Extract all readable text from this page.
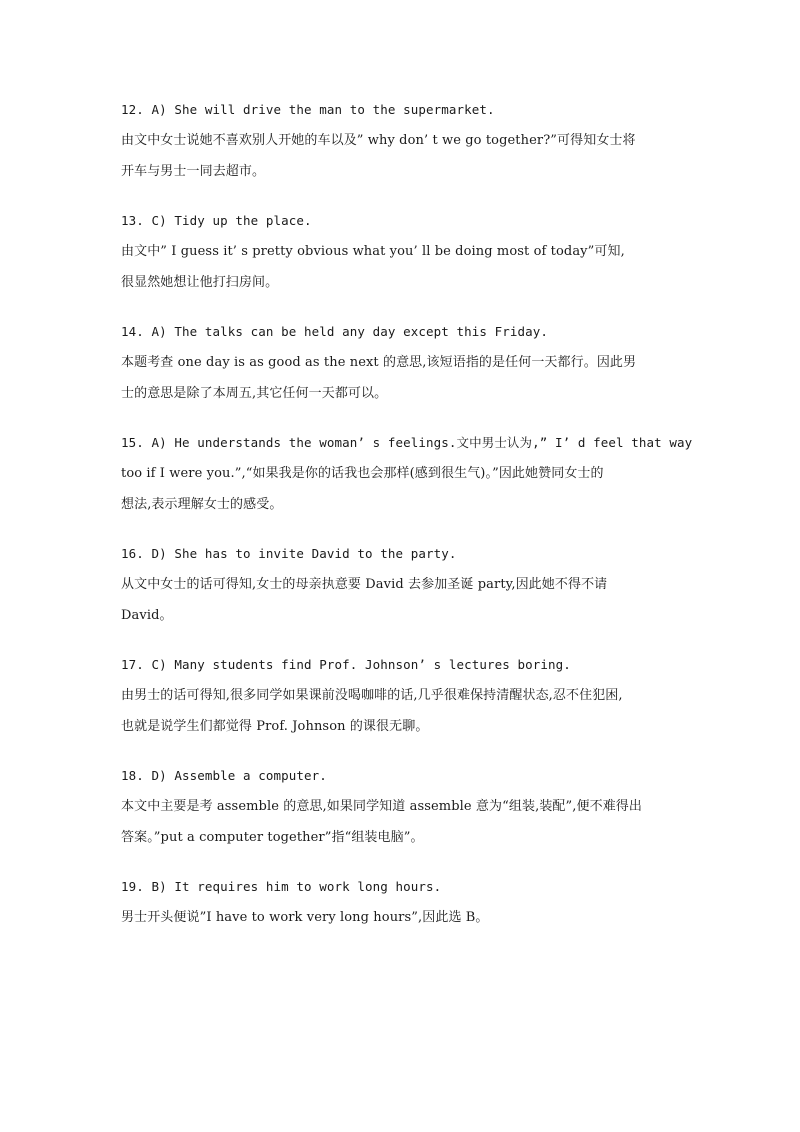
12. A) She will drive the man to the supermarket.
由文中女士说她不喜欢别人开她的车以及” why don’ t we go together?”可得知女士将
开车与男士一同去超市。
13. C) Tidy up the place.
由文中” I guess it’ s pretty obvious what you’ ll be doing most of today”可知,
很显然她想让他打扫房间。
14. A) The talks can be held any day except this Friday.
本题考查 one day is as good as the next 的意思,该短语指的是任何一天都行。因此男
士的意思是除了本周五,其它任何一天都可以。
15. A) He understands the woman’ s feelings.文中男士认为,” I’ d feel that way
too if I were you.”,“如果我是你的话我也会那样(感到很生气)。”因此她赞同女士的
想法,表示理解女士的感受。
16. D) She has to invite David to the party.
从文中女士的话可得知,女士的母亲执意要 David 去参加圣诞 party,因此她不得不请
David。
17. C) Many students find Prof. Johnson’ s lectures boring.
由男士的话可得知,很多同学如果课前没喝咖啡的话,几乎很难保持清醒状态,忍不住犯困,
也就是说学生们都觉得 Prof. Johnson 的课很无聊。
18. D) Assemble a computer.
本文中主要是考 assemble 的意思,如果同学知道 assemble 意为“组装,装配”,便不难得出
答案。”put a computer together”指“组装电脑”。
19. B) It requires him to work long hours.
男士开头便说”I have to work very long hours”,因此选 B。
